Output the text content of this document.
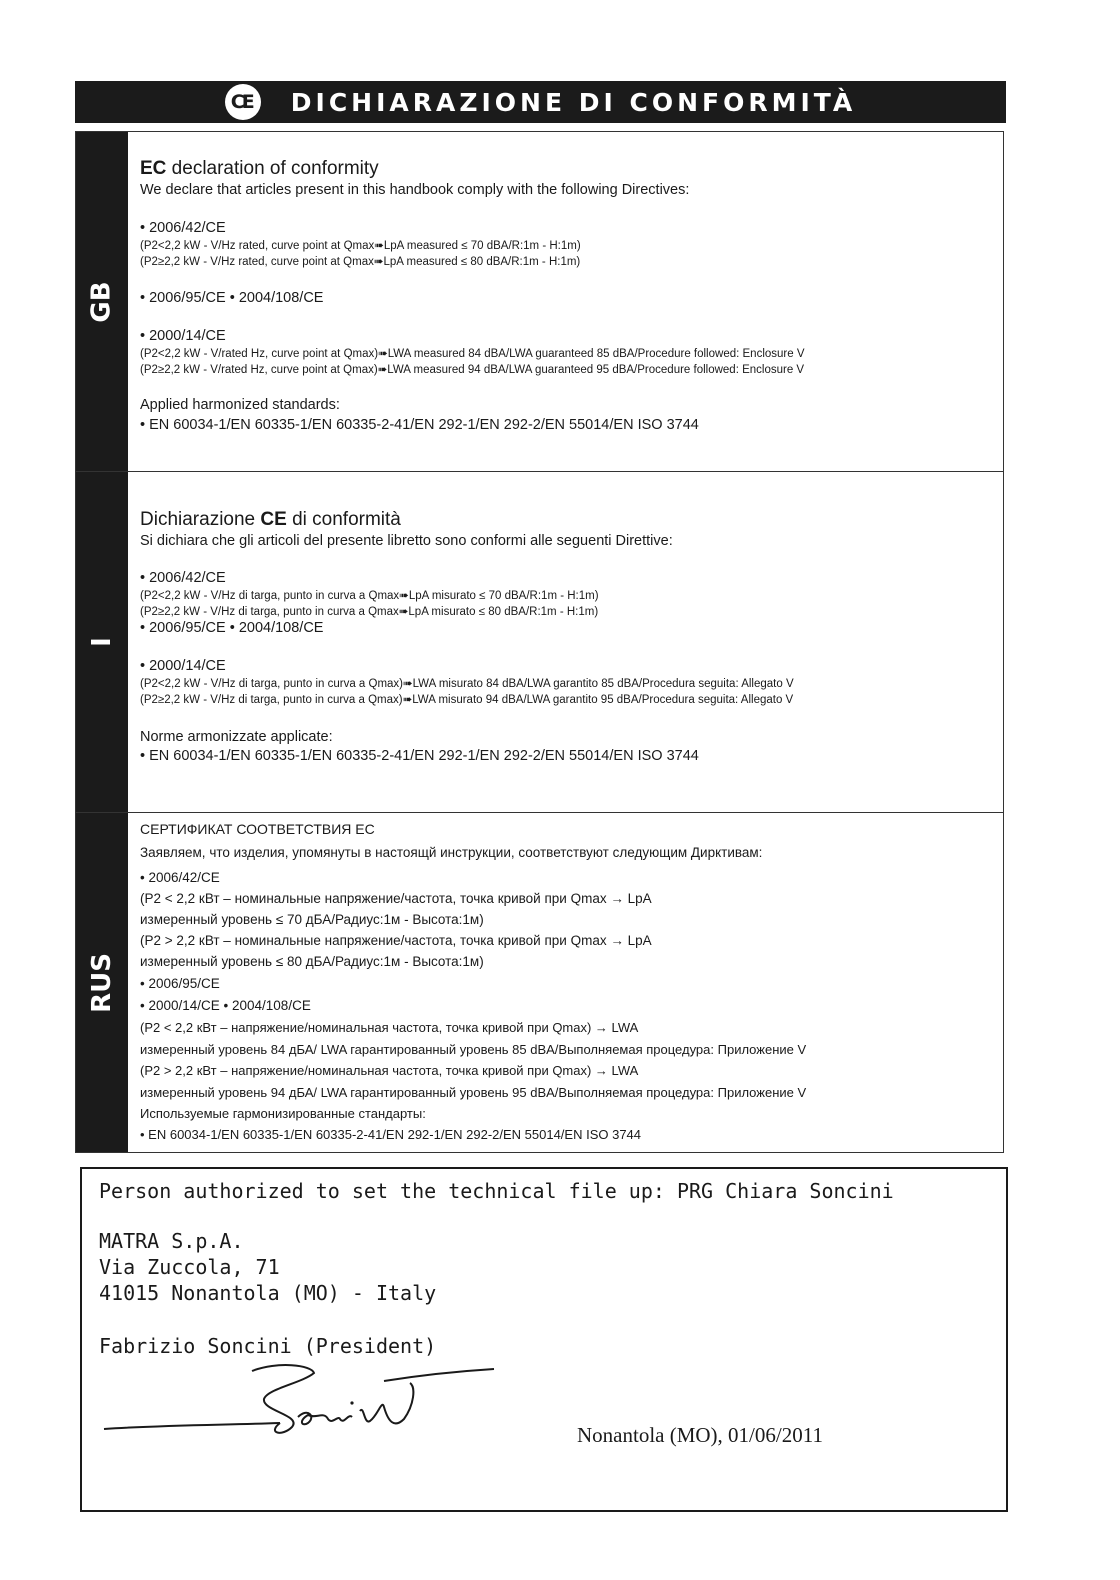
CE DICHIARAZIONE DI CONFORMITÀ
GB
EC declaration of conformity
We declare that articles present in this handbook comply with the following Directives:
• 2006/42/CE
(P2<2,2 kW - V/Hz rated, curve point at Qmax➠LpA measured ≤ 70 dBA/R:1m - H:1m)
(P2≥2,2 kW - V/Hz rated, curve point at Qmax➠LpA measured ≤ 80 dBA/R:1m - H:1m)
• 2006/95/CE • 2004/108/CE
• 2000/14/CE
(P2<2,2 kW - V/rated Hz, curve point at Qmax)➠LWA measured 84 dBA/LWA guaranteed 85 dBA/Procedure followed: Enclosure V
(P2≥2,2 kW - V/rated Hz, curve point at Qmax)➠LWA measured 94 dBA/LWA guaranteed 95 dBA/Procedure followed: Enclosure V
Applied harmonized standards:
• EN 60034-1/EN 60335-1/EN 60335-2-41/EN 292-1/EN 292-2/EN 55014/EN ISO 3744
I
Dichiarazione CE di conformità
Si dichiara che gli articoli del presente libretto sono conformi alle seguenti Direttive:
• 2006/42/CE
(P2<2,2 kW - V/Hz di targa, punto in curva a Qmax➠LpA misurato ≤ 70 dBA/R:1m - H:1m)
(P2≥2,2 kW - V/Hz di targa, punto in curva a Qmax➠LpA misurato ≤ 80 dBA/R:1m - H:1m)
• 2006/95/CE • 2004/108/CE
• 2000/14/CE
(P2<2,2 kW - V/Hz di targa, punto in curva a Qmax)➠LWA misurato 84 dBA/LWA garantito 85 dBA/Procedura seguita: Allegato V
(P2≥2,2 kW - V/Hz di targa, punto in curva a Qmax)➠LWA misurato 94 dBA/LWA garantito 95 dBA/Procedura seguita: Allegato V
Norme armonizzate applicate:
• EN 60034-1/EN 60335-1/EN 60335-2-41/EN 292-1/EN 292-2/EN 55014/EN ISO 3744
RUS
СЕРТИФИКАТ СООТВЕТСТВИЯ ЕС
Заявляем, что изделия, упомянуты в настоящй инструкции, соответствуют следующим Дирктивам:
• 2006/42/CE
(P2 < 2,2 кВт – номинальные напряжение/частота, точка кривой при Qmax → LpA
измеренный уровень ≤ 70 дБА/Радиус:1м - Высота:1м)
(P2 > 2,2 кВт – номинальные напряжение/частота, точка кривой при Qmax → LpA
измеренный уровень ≤ 80 дБА/Радиус:1м - Высота:1м)
• 2006/95/CE
• 2000/14/CE • 2004/108/CE
(P2 < 2,2 кВт – напряжение/номинальная частота, точка кривой при Qmax) → LWA
измеренный уровень 84 дБА/ LWA гарантированный уровень 85 dBA/Выполняемая процедура: Приложение V
(P2 > 2,2 кВт – напряжение/номинальная частота, точка кривой при Qmax) → LWA
измеренный уровень 94 дБА/ LWA гарантированный уровень 95 dBA/Выполняемая процедура: Приложение V
Используемые гармонизированные стандарты:
• EN 60034-1/EN 60335-1/EN 60335-2-41/EN 292-1/EN 292-2/EN 55014/EN ISO 3744
Person authorized to set the technical file up: PRG Chiara Soncini
MATRA S.p.A.
Via Zuccola, 71
41015 Nonantola (MO) - Italy
Fabrizio Soncini (President)
Nonantola (MO), 01/06/2011
